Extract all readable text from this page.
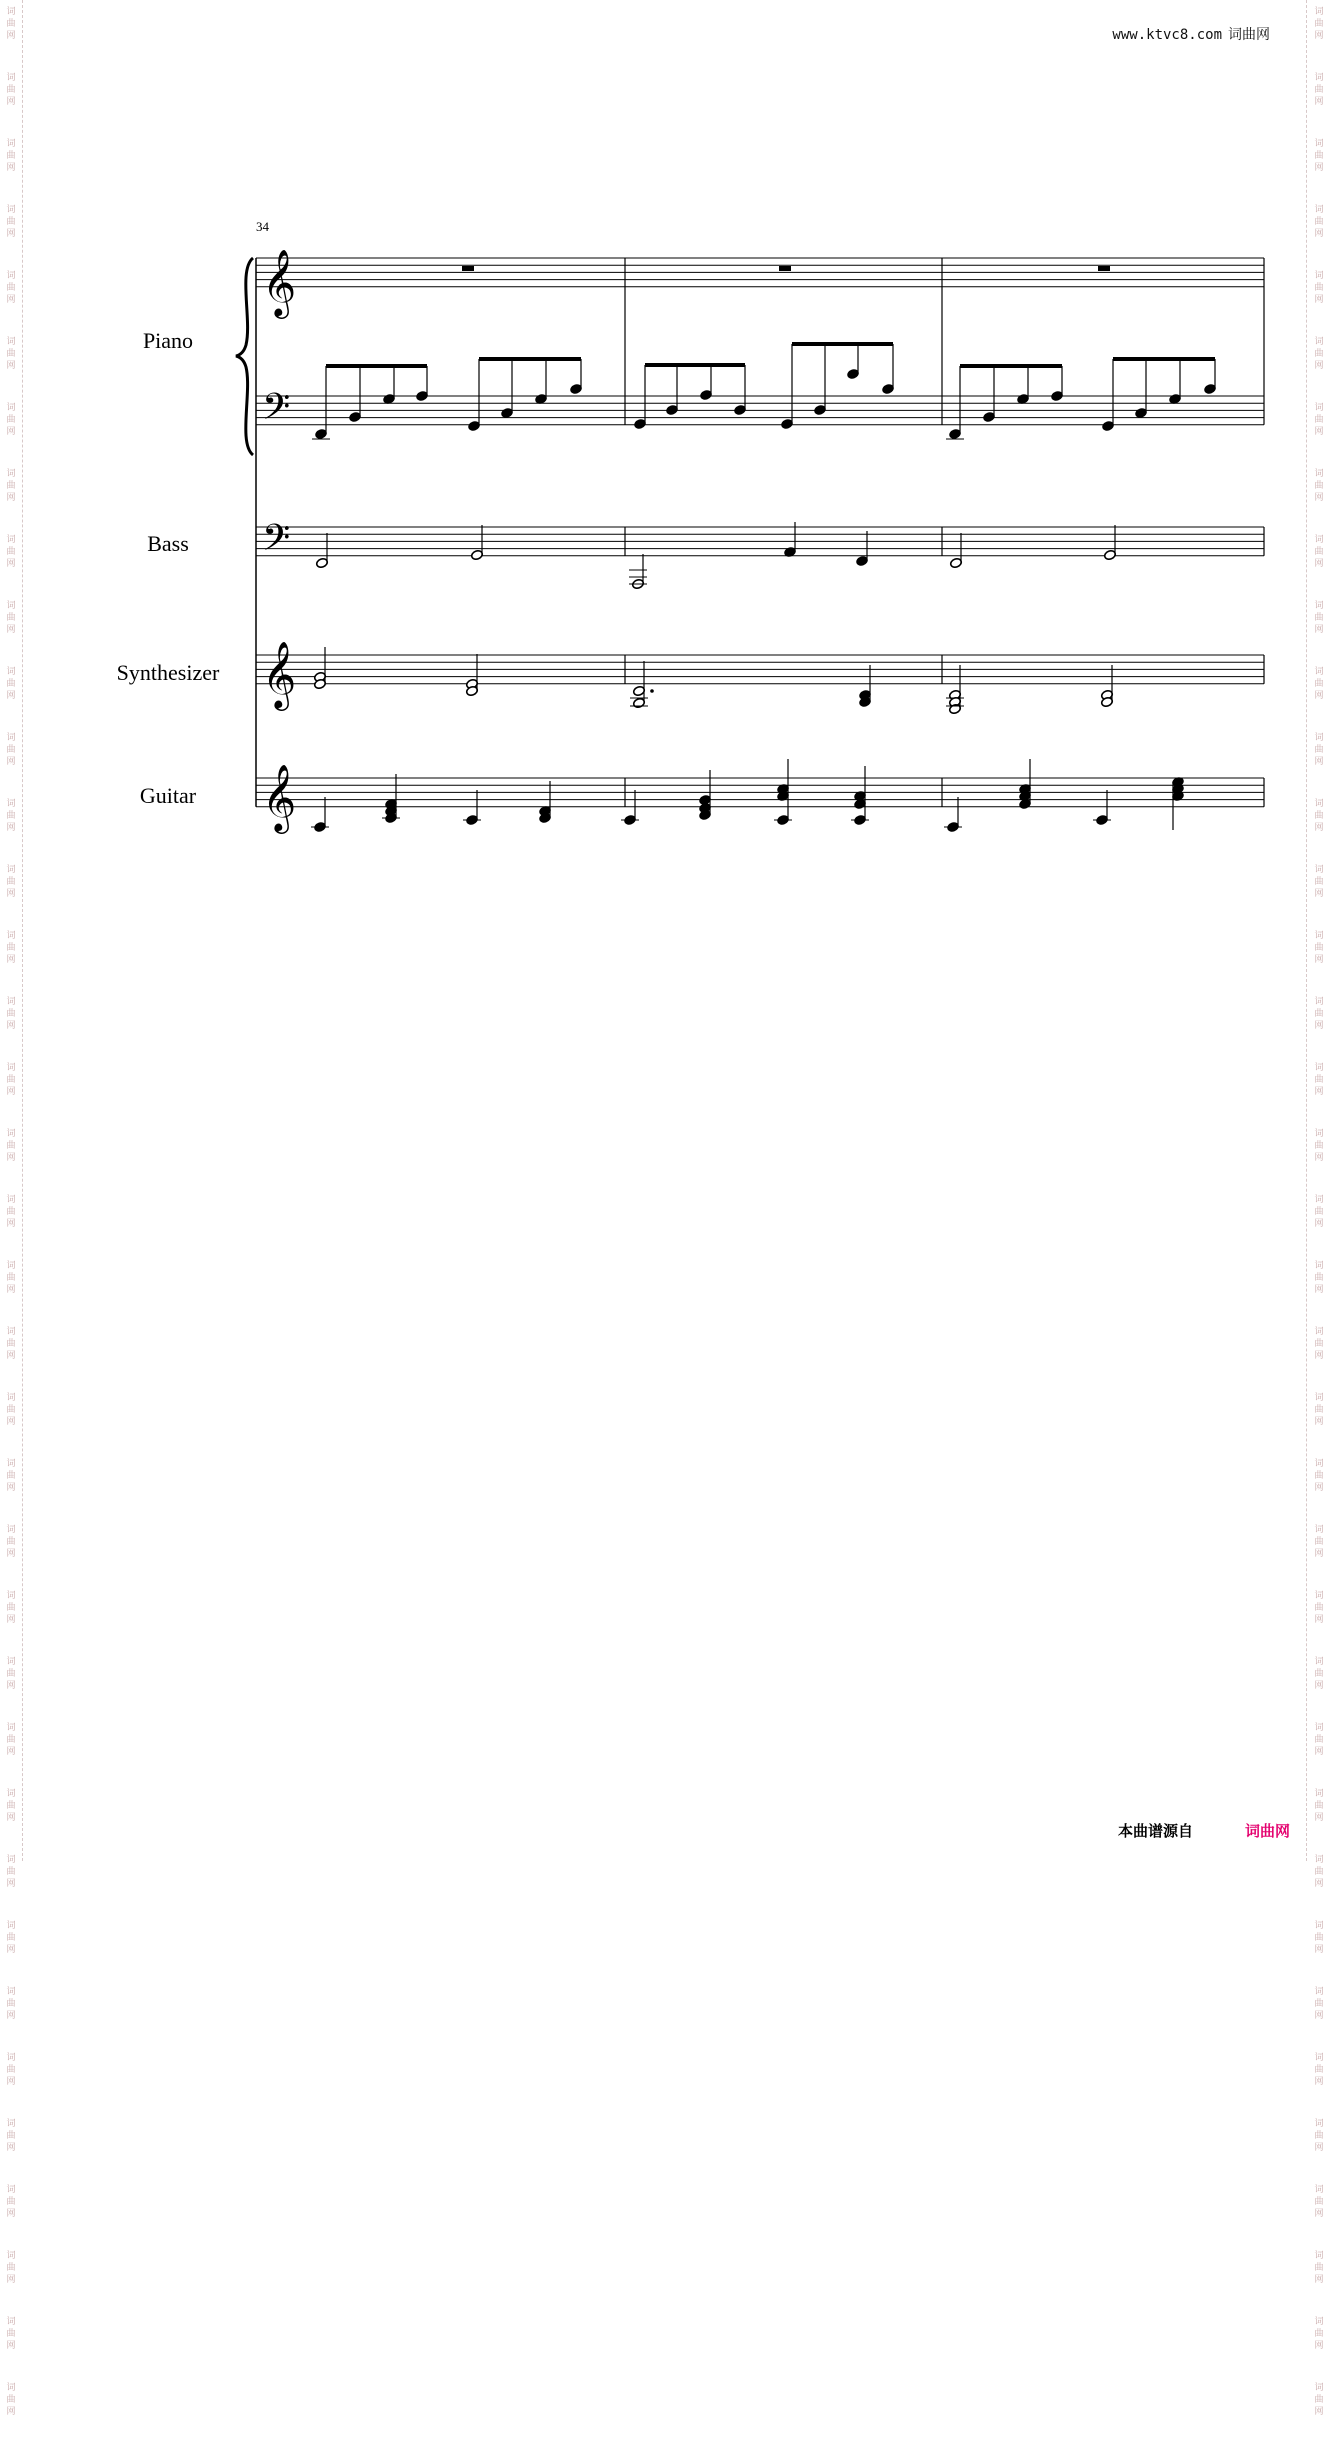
词
曲
网
词
曲
网
词
曲
网
词
曲
网
词
曲
网
词
曲
网
词
曲
网
词
曲
网
词
曲
网
词
曲
网
词
曲
网
词
曲
网
词
曲
网
词
曲
网
词
曲
网
词
曲
网
词
曲
网
词
曲
网
词
曲
网
词
曲
网
词
曲
网
词
曲
网
词
曲
网
词
曲
网
词
曲
网
词
曲
网
词
曲
网
词
曲
网
词
曲
网
词
曲
网
词
曲
网
词
曲
网
词
曲
网
词
曲
网
词
曲
网
词
曲
网
词
曲
网
词
曲
网
词
曲
网
词
曲
网
词
曲
网
词
曲
网
词
曲
网
词
曲
网
词
曲
网
词
曲
网
词
曲
网
词
曲
网
词
曲
网
词
曲
网
词
曲
网
词
曲
网
词
曲
网
词
曲
网
词
曲
网
词
曲
网
词
曲
网
词
曲
网
词
曲
网
词
曲
网
词
曲
网
词
曲
网
词
曲
网
词
曲
网
词
曲
网
词
曲
网
词
曲
网
词
曲
网
词
曲
网
词
曲
网
词
曲
网
词
曲
网
词
曲
网
词
曲
网
www.ktvc8.com 词曲网
34
Piano
Bass
Synthesizer
Guitar
𝄞
𝄢
𝄢
𝄞
𝄞
本曲谱源自	词曲网
